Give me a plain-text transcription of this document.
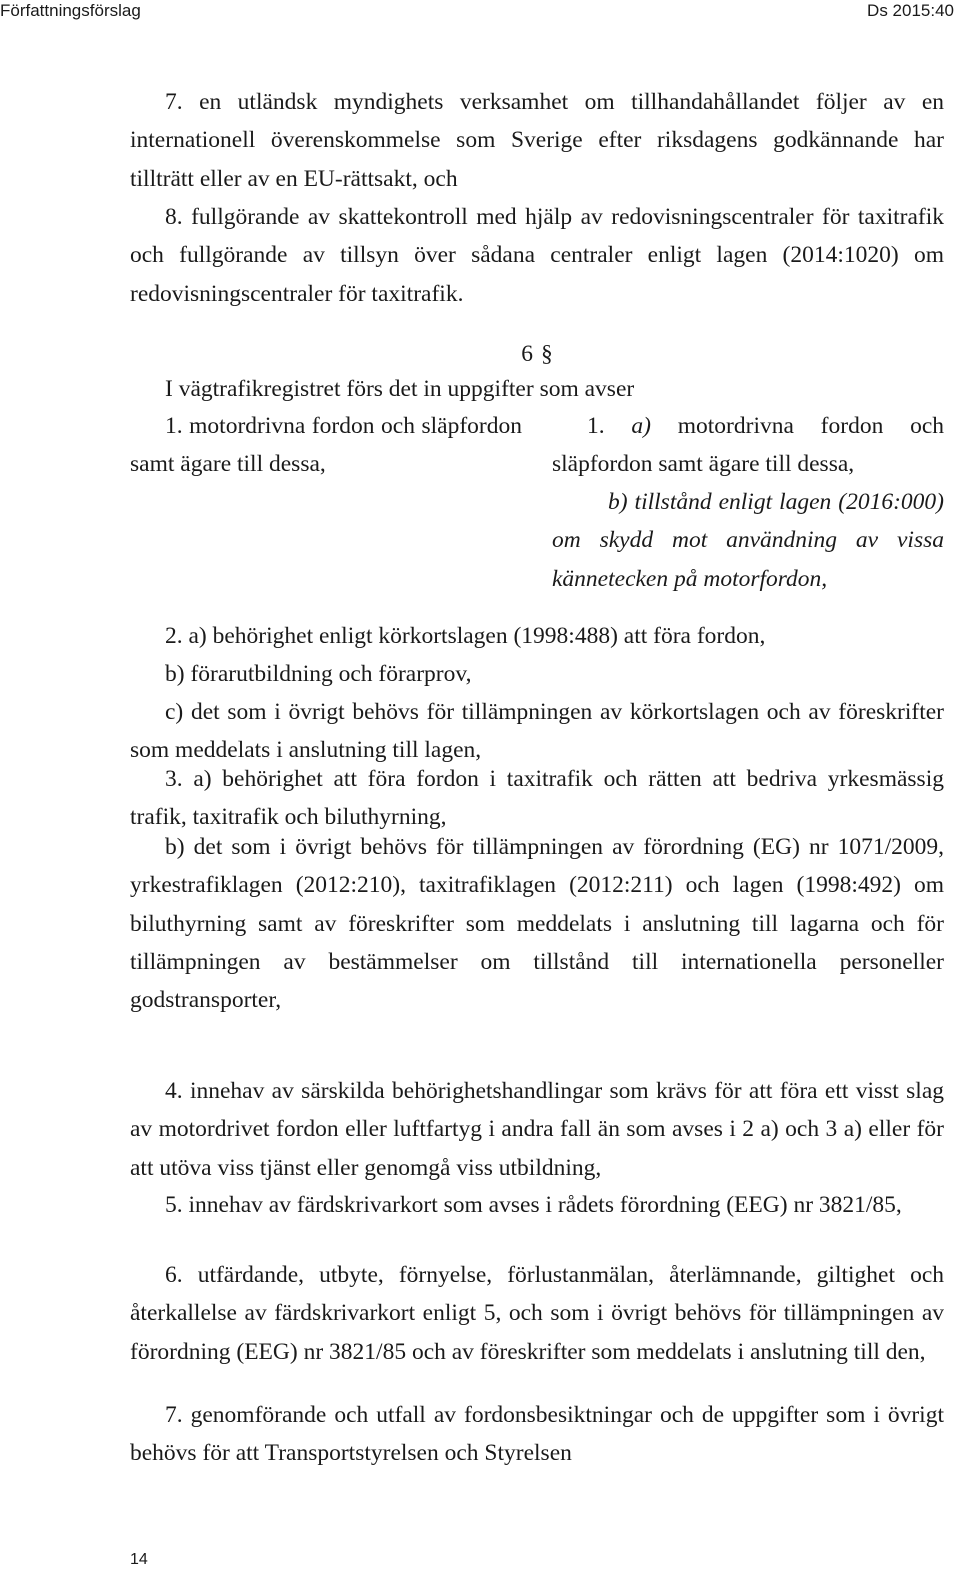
Författningsförslag	Ds 2015:40

7. en utländsk myndighets verksamhet om tillhandahållandet följer av en internationell överenskommelse som Sverige efter riksdagens godkännande har tillträtt eller av en EU-rättsakt, och

8. fullgörande av skattekontroll med hjälp av redovisningscentraler för taxitrafik och fullgörande av tillsyn över sådana centraler enligt lagen (2014:1020) om redovisningscentraler för taxitrafik.

6 §

I vägtrafikregistret förs det in uppgifter som avser

1. motordrivna fordon och släpfordon samt ägare till dessa,

1. a) motordrivna fordon och släpfordon samt ägare till dessa,

b) tillstånd enligt lagen (2016:000) om skydd mot användning av vissa kännetecken på motorfordon,

2. a) behörighet enligt körkortslagen (1998:488) att föra fordon,

b) förarutbildning och förarprov,

c) det som i övrigt behövs för tillämpningen av körkortslagen och av föreskrifter som meddelats i anslutning till lagen,

3. a) behörighet att föra fordon i taxitrafik och rätten att bedriva yrkesmässig trafik, taxitrafik och biluthyrning,

b) det som i övrigt behövs för tillämpningen av förordning (EG) nr 1071/2009, yrkestrafiklagen (2012:210), taxitrafiklagen (2012:211) och lagen (1998:492) om biluthyrning samt av föreskrifter som meddelats i anslutning till lagarna och för tillämpningen av bestämmelser om tillstånd till internationella personeller godstransporter,

4. innehav av särskilda behörighetshandlingar som krävs för att föra ett visst slag av motordrivet fordon eller luftfartyg i andra fall än som avses i 2 a) och 3 a) eller för att utöva viss tjänst eller genomgå viss utbildning,

5. innehav av färdskrivarkort som avses i rådets förordning (EEG) nr 3821/85,

6. utfärdande, utbyte, förnyelse, förlustanmälan, återlämnande, giltighet och återkallelse av färdskrivarkort enligt 5, och som i övrigt behövs för tillämpningen av förordning (EEG) nr 3821/85 och av föreskrifter som meddelats i anslutning till den,

7. genomförande och utfall av fordonsbesiktningar och de uppgifter som i övrigt behövs för att Transportstyrelsen och Styrelsen

14
